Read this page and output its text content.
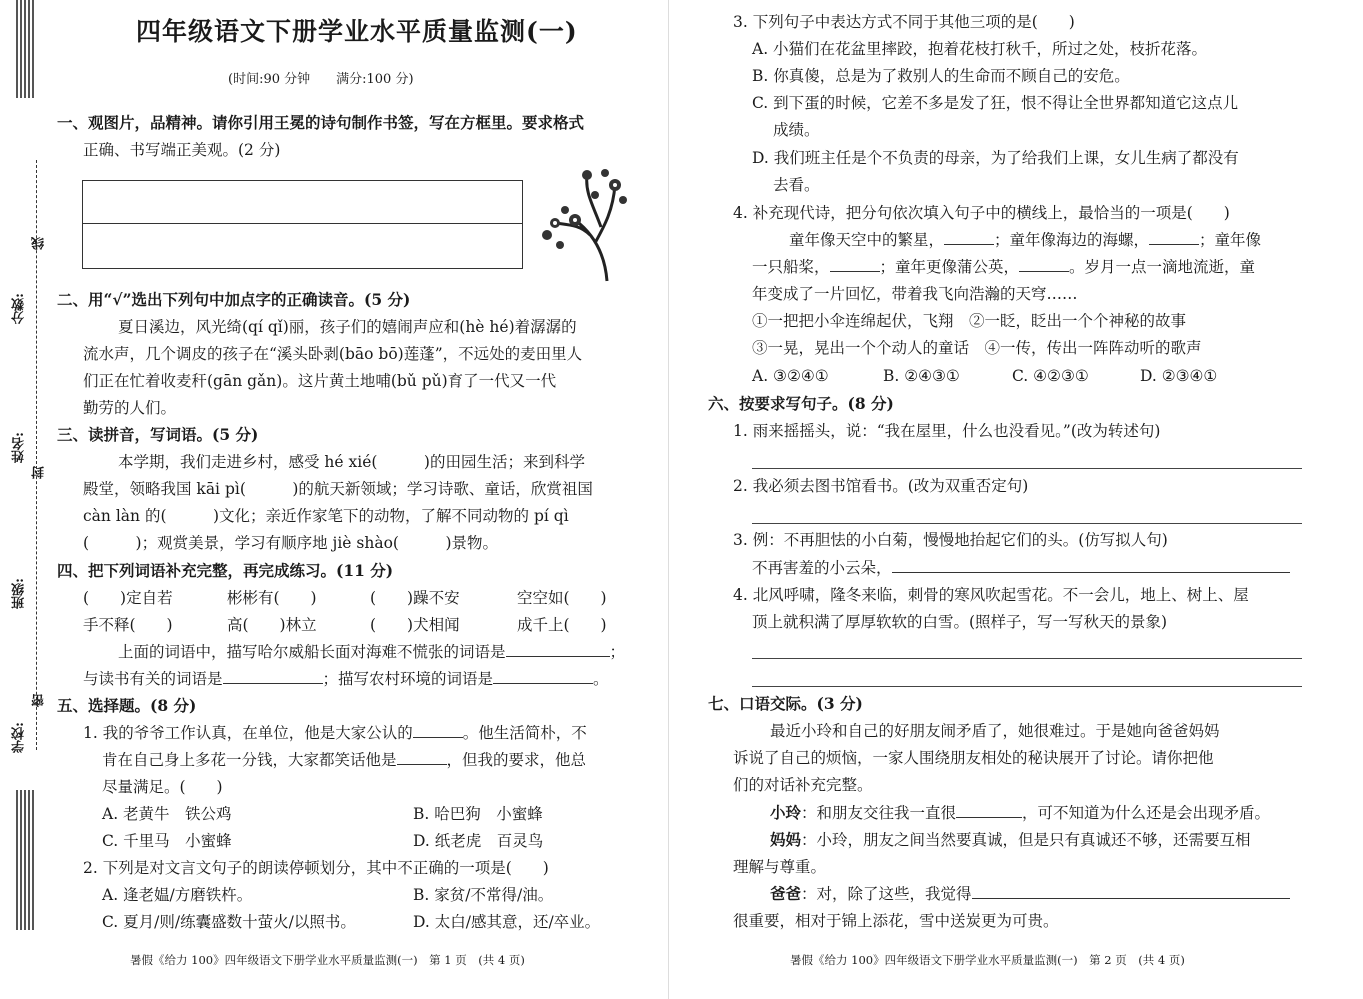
分数:
线
姓名:
封
班级:
密
学校:
四年级语文下册学业水平质量监测(一)
(时间:90 分钟　　满分:100 分)
一、观图片，品精神。请你引用王冕的诗句制作书签，写在方框里。要求格式
正确、书写端正美观。(2 分)
二、用“√”选出下列句中加点字的正确读音。(5 分)
夏日溪边，风光绮(qí qǐ)丽，孩子们的嬉闹声应和(hè hé)着潺潺的
流水声，几个调皮的孩子在“溪头卧剥(bāo bō)莲蓬”，不远处的麦田里人
们正在忙着收麦秆(gān gǎn)。这片黄土地哺(bǔ pǔ)育了一代又一代
勤劳的人们。
三、读拼音，写词语。(5 分)
本学期，我们走进乡村，感受 hé xié(　　　)的田园生活；来到科学
殿堂，领略我国 kāi pì(　　　)的航天新领域；学习诗歌、童话，欣赏祖国
càn làn 的(　　　)文化；亲近作家笔下的动物，了解不同动物的 pí qì
(　　　)；观赏美景，学习有顺序地 jiè shào(　　　)景物。
四、把下列词语补充完整，再完成练习。(11 分)
(　　)定自若	彬彬有(　　)	(　　)躁不安	空空如(　　)
手不释(　　)	高(　　)林立	(　　)犬相闻	成千上(　　)
上面的词语中，描写哈尔威船长面对海难不慌张的词语是	；
与读书有关的词语是	；描写农村环境的词语是	。
五、选择题。(8 分)
1. 我的爷爷工作认真，在单位，他是大家公认的	。他生活简朴，不
肯在自己身上多花一分钱，大家都笑话他是	，但我的要求，他总
尽量满足。(　　)
A. 老黄牛　铁公鸡	B. 哈巴狗　小蜜蜂
C. 千里马　小蜜蜂	D. 纸老虎　百灵鸟
2. 下列是对文言文句子的朗读停顿划分，其中不正确的一项是(　　)
A. 逢老媪/方磨铁杵。	B. 家贫/不常得/油。
C. 夏月/则/练囊盛数十萤火/以照书。	D. 太白/感其意，还/卒业。
暑假《给力 100》四年级语文下册学业水平质量监测(一)　第 1 页　(共 4 页)
3. 下列句子中表达方式不同于其他三项的是(　　)
A. 小猫们在花盆里摔跤，抱着花枝打秋千，所过之处，枝折花落。
B. 你真傻，总是为了救别人的生命而不顾自己的安危。
C. 到下蛋的时候，它差不多是发了狂，恨不得让全世界都知道它这点儿
成绩。
D. 我们班主任是个不负责的母亲，为了给我们上课，女儿生病了都没有
去看。
4. 补充现代诗，把分句依次填入句子中的横线上，最恰当的一项是(　　)
童年像天空中的繁星，	；童年像海边的海螺，	；童年像
一只船桨，	；童年更像蒲公英，	。岁月一点一滴地流逝，童
年变成了一片回忆，带着我飞向浩瀚的天穹……
①一把把小伞连绵起伏，飞翔　②一眨，眨出一个个神秘的故事
③一晃，晃出一个个动人的童话　④一传，传出一阵阵动听的歌声
A. ③②④①	B. ②④③①	C. ④②③①	D. ②③④①
六、按要求写句子。(8 分)
1. 雨来摇摇头，说：“我在屋里，什么也没看见。”(改为转述句)
2. 我必须去图书馆看书。(改为双重否定句)
3. 例：不再胆怯的小白菊，慢慢地抬起它们的头。(仿写拟人句)
不再害羞的小云朵，
4. 北风呼啸，隆冬来临，刺骨的寒风吹起雪花。不一会儿，地上、树上、屋
顶上就积满了厚厚软软的白雪。(照样子，写一写秋天的景象)
七、口语交际。(3 分)
最近小玲和自己的好朋友闹矛盾了，她很难过。于是她向爸爸妈妈
诉说了自己的烦恼，一家人围绕朋友相处的秘诀展开了讨论。请你把他
们的对话补充完整。
小玲：和朋友交往我一直很	，可不知道为什么还是会出现矛盾。
妈妈：小玲，朋友之间当然要真诚，但是只有真诚还不够，还需要互相
理解与尊重。
爸爸：对，除了这些，我觉得
很重要，相对于锦上添花，雪中送炭更为可贵。
暑假《给力 100》四年级语文下册学业水平质量监测(一)　第 2 页　(共 4 页)
